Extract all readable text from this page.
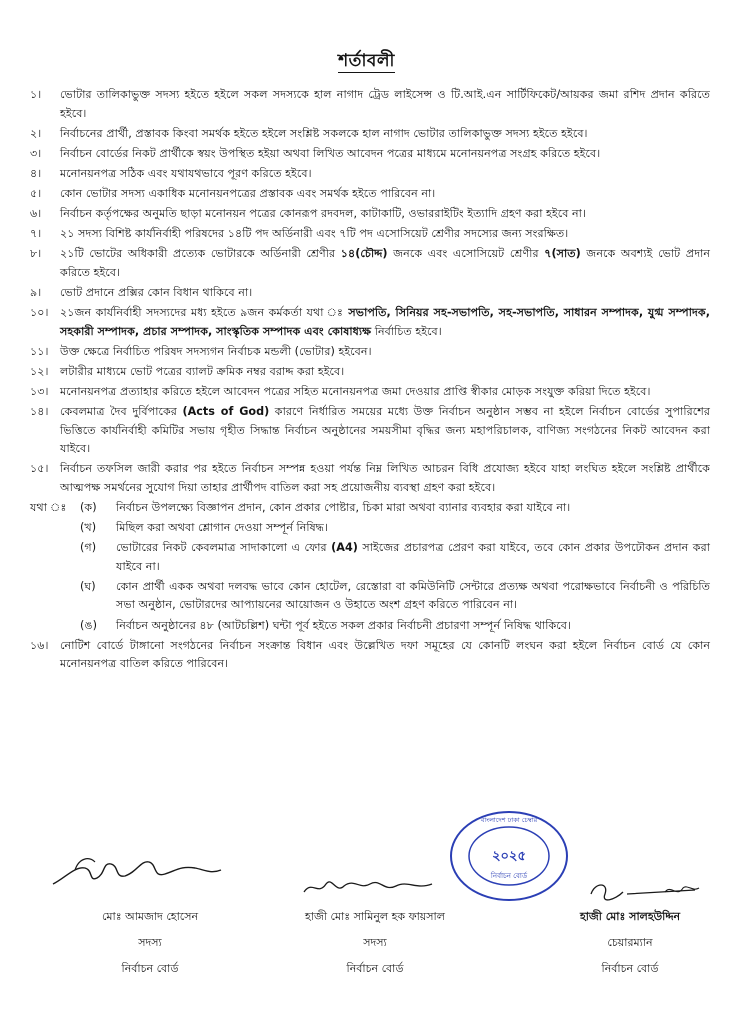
শর্তাবলী
১।	ভোটার তালিকাভুক্ত সদস্য হইতে হইলে সকল সদস্যকে হাল নাগাদ ট্রেড লাইসেন্স ও টি.আই.এন সার্টিফিকেট/আয়কর জমা রশিদ প্রদান করিতে হইবে।
২।	নির্বাচনের প্রার্থী, প্রস্তাবক কিংবা সমর্থক হইতে হইলে সংশ্লিষ্ট সকলকে হাল নাগাদ ভোটার তালিকাভুক্ত সদস্য হইতে হইবে।
৩।	নির্বাচন বোর্ডের নিকট প্রার্থীকে স্বয়ং উপস্থিত হইয়া অথবা লিখিত আবেদন পত্রের মাধ্যমে মনোনয়নপত্র সংগ্রহ করিতে হইবে।
৪।	মনোনয়নপত্র সঠিক এবং যথাযথভাবে পূরণ করিতে হইবে।
৫।	কোন ভোটার সদস্য একাধিক মনোনয়নপত্রের প্রস্তাবক এবং সমর্থক হইতে পারিবেন না।
৬।	নির্বাচন কর্তৃপক্ষের অনুমতি ছাড়া মনোনয়ন পত্রের কোনরূপ রদবদল, কাটাকাটি, ওভাররাইটিং ইত্যাদি গ্রহণ করা হইবে না।
৭।	২১ সদস্য বিশিষ্ট কার্যনির্বাহী পরিষদের ১৪টি পদ অর্ডিনারী এবং ৭টি পদ এসোসিয়েট শ্রেণীর সদস্যের জন্য সংরক্ষিত।
৮।	২১টি ভোটের অধিকারী প্রত্যেক ভোটারকে অর্ডিনারী শ্রেণীর ১৪(চৌদ্দ) জনকে এবং এসোসিয়েট শ্রেণীর ৭(সাত) জনকে অবশ্যই ভোট প্রদান করিতে হইবে।
৯।	ভোট প্রদানে প্রক্সির কোন বিধান থাকিবে না।
১০।	২১জন কার্যনির্বাহী সদস্যদের মধ্য হইতে ৯জন কর্মকর্তা যথা ঃ সভাপতি, সিনিয়র সহ-সভাপতি, সহ-সভাপতি, সাধারন সম্পাদক, যুগ্ম সম্পাদক, সহকারী সম্পাদক, প্রচার সম্পাদক, সাংস্কৃতিক সম্পাদক এবং কোষাধ্যক্ষ নির্বাচিত হইবে।
১১।	উক্ত ক্ষেত্রে নির্বাচিত পরিষদ সদস্যগন নির্বাচক মন্ডলী (ভোটার) হইবেন।
১২।	লটারীর মাধ্যমে ভোট পত্রের ব্যালট ক্রমিক নম্বর বরাদ্দ করা হইবে।
১৩।	মনোনয়নপত্র প্রত্যাহার করিতে হইলে আবেদন পত্রের সহিত মনোনয়নপত্র জমা দেওয়ার প্রাপ্তি স্বীকার মোড়ক সংযুক্ত করিয়া দিতে হইবে।
১৪।	কেবলমাত্র দৈব দুর্বিপাকের (Acts of God) কারণে নির্ধারিত সময়ের মধ্যে উক্ত নির্বাচন অনুষ্ঠান সম্ভব না হইলে নির্বাচন বোর্ডের সুপারিশের ভিত্তিতে কার্যনির্বাহী কমিটির সভায় গৃহীত সিদ্ধান্ত নির্বাচন অনুষ্ঠানের সময়সীমা বৃদ্ধির জন্য মহাপরিচালক, বাণিজ্য সংগঠনের নিকট আবেদন করা যাইবে।
১৫।	নির্বাচন তফসিল জারী করার পর হইতে নির্বাচন সম্পন্ন হওয়া পর্যন্ত নিম্ন লিখিত আচরন বিধি প্রযোজ্য হইবে যাহা লংঘিত হইলে সংশ্লিষ্ট প্রার্থীকে আত্মপক্ষ সমর্থনের সুযোগ দিয়া তাহার প্রার্থীপদ বাতিল করা সহ প্রয়োজনীয় ব্যবস্থা গ্রহণ করা হইবে।
যথা ঃ	(ক)	নির্বাচন উপলক্ষ্যে বিজ্ঞাপন প্রদান, কোন প্রকার পোষ্টার, চিকা মারা অথবা ব্যানার ব্যবহার করা যাইবে না।
(খ)	মিছিল করা অথবা শ্লোগান দেওয়া সম্পূর্ন নিষিদ্ধ।
(গ)	ভোটারের নিকট কেবলমাত্র সাদাকালো এ ফোর (A4) সাইজের প্রচারপত্র প্রেরণ করা যাইবে, তবে কোন প্রকার উপঢৌকন প্রদান করা যাইবে না।
(ঘ)	কোন প্রার্থী একক অথবা দলবদ্ধ ভাবে কোন হোটেল, রেস্তোরা বা কমিউনিটি সেন্টারে প্রত্যক্ষ অথবা পরোক্ষভাবে নির্বাচনী ও পরিচিতি সভা অনুষ্ঠান, ভোটারদের আপ্যায়নের আয়োজন ও উহাতে অংশ গ্রহণ করিতে পারিবেন না।
(ঙ)	নির্বাচন অনুষ্ঠানের ৪৮ (আটচল্লিশ) ঘন্টা পূর্ব হইতে সকল প্রকার নির্বাচনী প্রচারণা সম্পূর্ন নিষিদ্ধ থাকিবে।
১৬।	নোটিশ বোর্ডে টাঙ্গানো সংগঠনের নির্বাচন সংক্রান্ত বিধান এবং উল্লেখিত দফা সমূহের যে কোনটি লংঘন করা হইলে নির্বাচন বোর্ড যে কোন মনোনয়নপত্র বাতিল করিতে পারিবেন।
২০২৫
নির্বাচন বোর্ড
বাংলাদেশ ঢাকা চেম্বার
মোঃ আমজাদ হোসেন
সদস্য
নির্বাচন বোর্ড
হাজী মোঃ সামিনুল হক ফায়সাল
সদস্য
নির্বাচন বোর্ড
হাজী মোঃ সালহউদ্দিন
চেয়ারম্যান
নির্বাচন বোর্ড
